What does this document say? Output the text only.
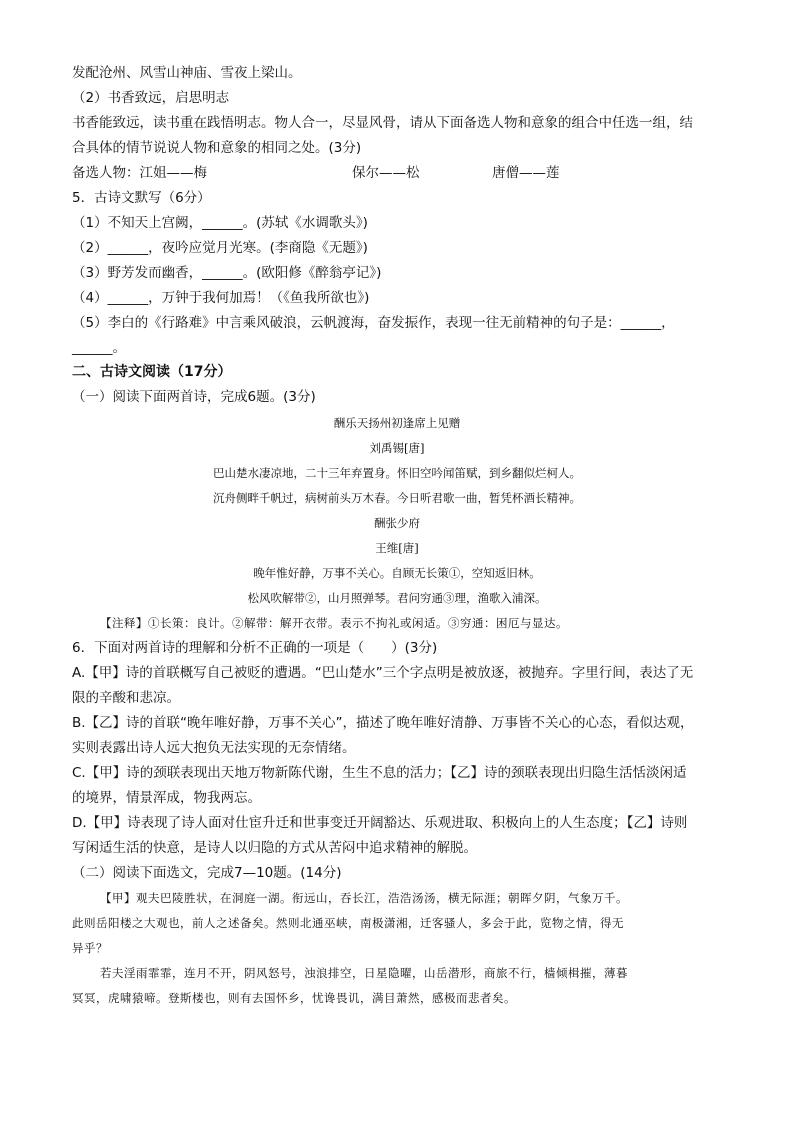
发配沧州、风雪山神庙、雪夜上梁山。
（2）书香致远，启思明志
书香能致远，读书重在践悟明志。物人合一，尽显风骨，请从下面备选人物和意象的组合中任选一组，结
合具体的情节说说人物和意象的相同之处。(3分)
备选人物：江姐——梅	保尔——松	唐僧——莲
5．古诗文默写（6分）
（1）不知天上宫阙，______。(苏轼《水调歌头》)
（2）______，夜吟应觉月光寒。(李商隐《无题》)
（3）野芳发而幽香，______。(欧阳修《醉翁亭记》)
（4）______，万钟于我何加焉！（《鱼我所欲也》)
（5）李白的《行路难》中言乘风破浪，云帆渡海，奋发振作，表现一往无前精神的句子是：______，
______。
二、古诗文阅读（17分）
（一）阅读下面两首诗，完成6题。(3分)
酬乐天扬州初逢席上见赠
刘禹锡[唐]
巴山楚水凄凉地，二十三年弃置身。怀旧空吟闻笛赋，到乡翻似烂柯人。
沉舟侧畔千帆过，病树前头万木春。今日听君歌一曲，暂凭杯酒长精神。
酬张少府
王维[唐]
晚年惟好静，万事不关心。自顾无长策①，空知返旧林。
松风吹解带②，山月照弹琴。君问穷通③理，渔歌入浦深。
【注释】①长策：良计。②解带：解开衣带。表示不拘礼或闲适。③穷通：困厄与显达。
6．下面对两首诗的理解和分析不正确的一项是（　　）(3分)
A.【甲】诗的首联概写自己被贬的遭遇。“巴山楚水”三个字点明是被放逐，被抛弃。字里行间，表达了无
限的辛酸和悲凉。
B.【乙】诗的首联“晚年唯好静，万事不关心”，描述了晚年唯好清静、万事皆不关心的心态，看似达观，
实则表露出诗人远大抱负无法实现的无奈情绪。
C.【甲】诗的颈联表现出天地万物新陈代谢，生生不息的活力；【乙】诗的颈联表现出归隐生活恬淡闲适
的境界，情景浑成，物我两忘。
D.【甲】诗表现了诗人面对仕宦升迁和世事变迁开阔豁达、乐观进取、积极向上的人生态度；【乙】诗则
写闲适生活的快意，是诗人以归隐的方式从苦闷中追求精神的解脱。
（二）阅读下面选文，完成7—10题。(14分)
【甲】观夫巴陵胜状，在洞庭一湖。衔远山，吞长江，浩浩汤汤，横无际涯；朝晖夕阴，气象万千。
此则岳阳楼之大观也，前人之述备矣。然则北通巫峡，南极潇湘，迁客骚人，多会于此，览物之情，得无
异乎？
若夫淫雨霏霏，连月不开，阴风怒号，浊浪排空，日星隐曜，山岳潜形，商旅不行，樯倾楫摧，薄暮
冥冥，虎啸猿啼。登斯楼也，则有去国怀乡，忧谗畏讥，满目萧然，感极而悲者矣。
